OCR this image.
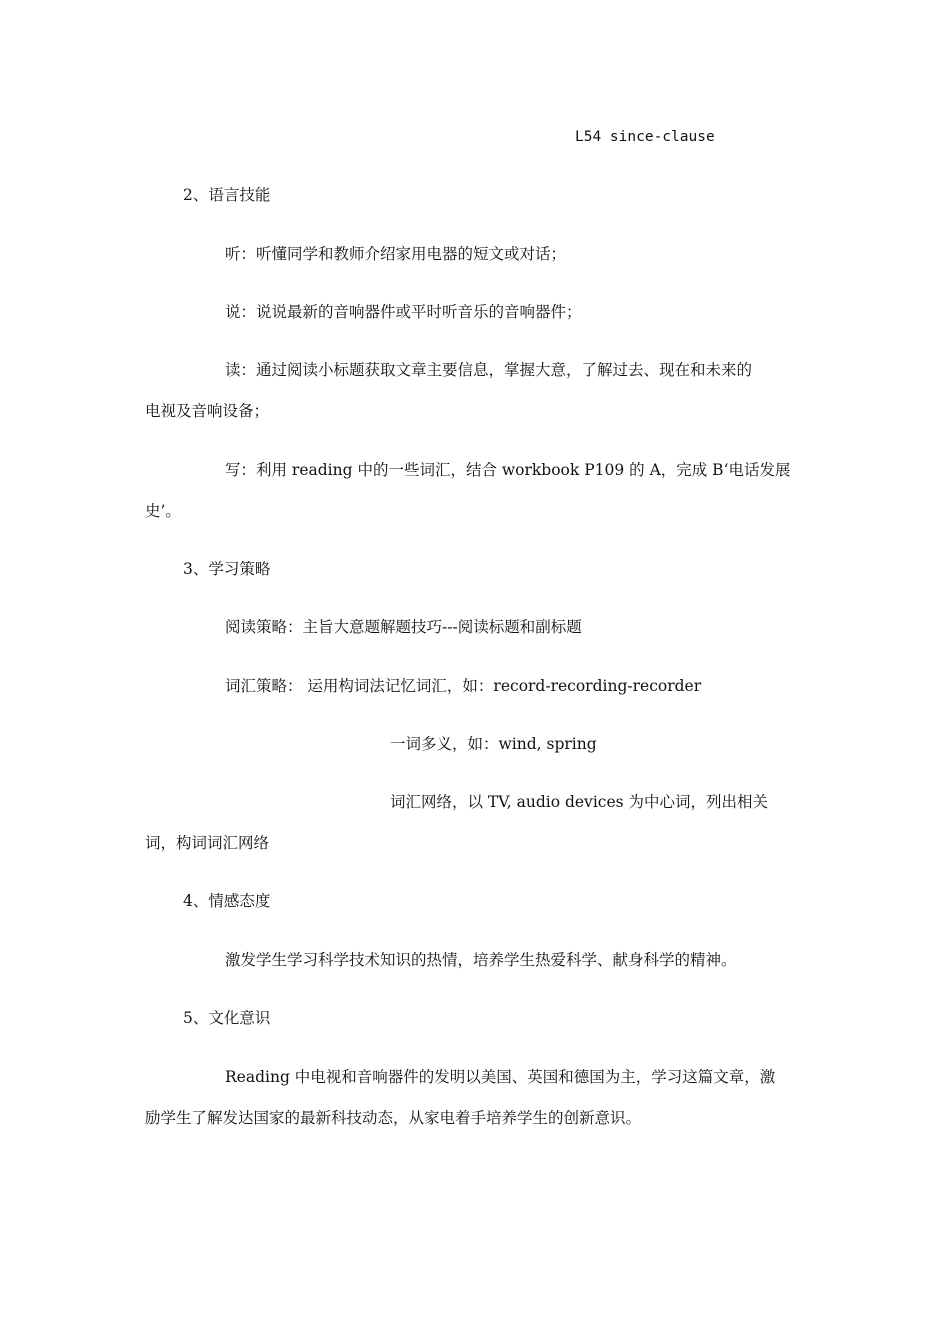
L54 since-clause
2、语言技能
听：听懂同学和教师介绍家用电器的短文或对话；
说：说说最新的音响器件或平时听音乐的音响器件；
读：通过阅读小标题获取文章主要信息，掌握大意，了解过去、现在和未来的
电视及音响设备；
写：利用 reading 中的一些词汇，结合 workbook P109 的 A，完成 B‘电话发展
史’。
3、学习策略
阅读策略：主旨大意题解题技巧---阅读标题和副标题
词汇策略： 运用构词法记忆词汇，如：record-recording-recorder
一词多义，如：wind, spring
词汇网络，以 TV, audio devices 为中心词，列出相关
词，构词词汇网络
4、情感态度
激发学生学习科学技术知识的热情，培养学生热爱科学、献身科学的精神。
5、文化意识
Reading 中电视和音响器件的发明以美国、英国和德国为主，学习这篇文章，激
励学生了解发达国家的最新科技动态，从家电着手培养学生的创新意识。
